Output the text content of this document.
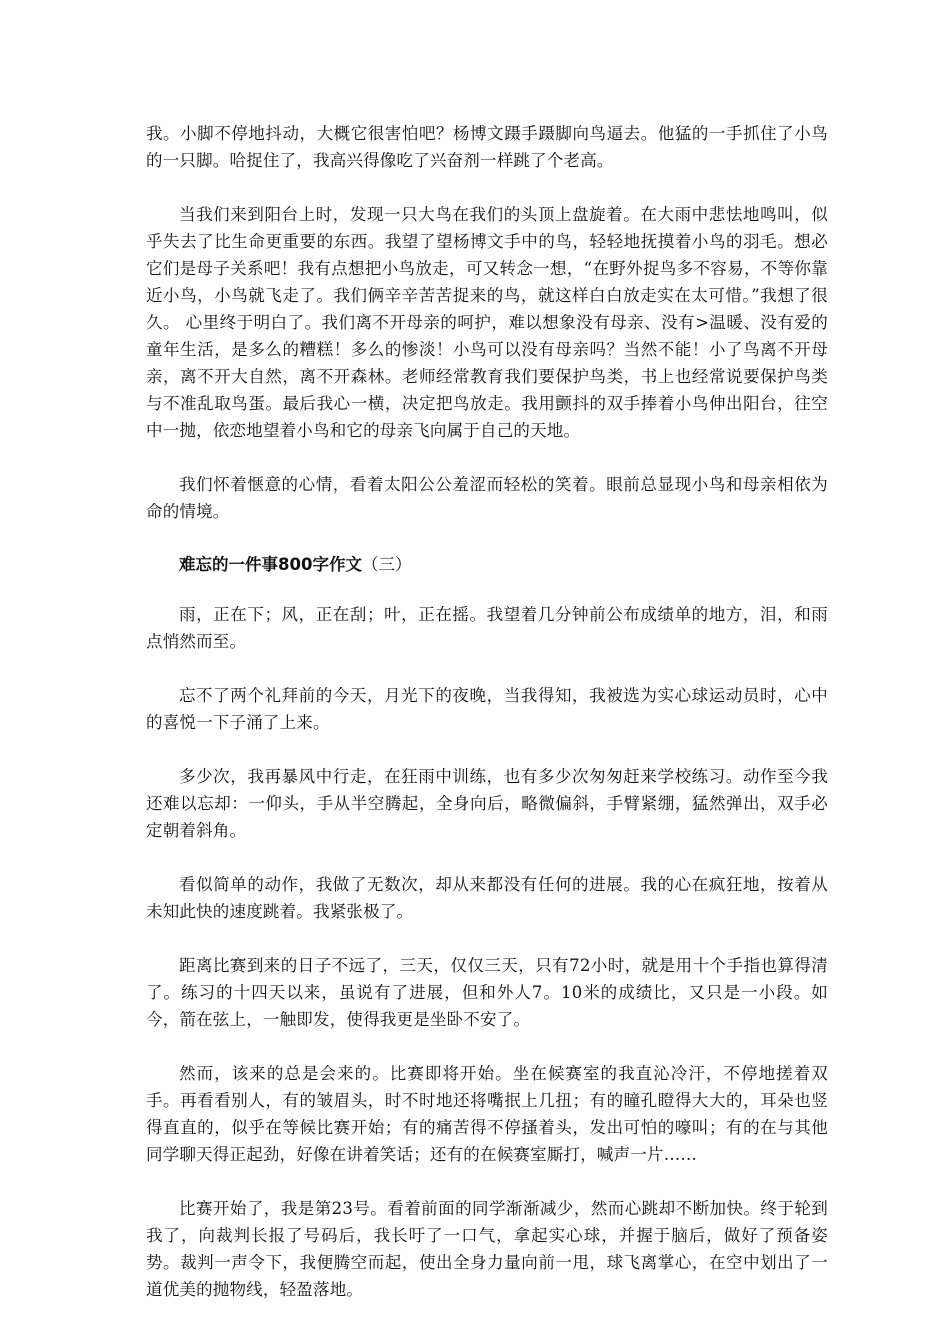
我。小脚不停地抖动，大概它很害怕吧？杨博文蹑手蹑脚向鸟逼去。他猛的一手抓住了小鸟的一只脚。哈捉住了，我高兴得像吃了兴奋剂一样跳了个老高。

当我们来到阳台上时，发现一只大鸟在我们的头顶上盘旋着。在大雨中悲怯地鸣叫，似乎失去了比生命更重要的东西。我望了望杨博文手中的鸟，轻轻地抚摸着小鸟的羽毛。想必它们是母子关系吧！我有点想把小鸟放走，可又转念一想，“在野外捉鸟多不容易，不等你靠近小鸟，小鸟就飞走了。我们俩辛辛苦苦捉来的鸟，就这样白白放走实在太可惜。”我想了很久。 心里终于明白了。我们离不开母亲的呵护，难以想象没有母亲、没有>温暖、没有爱的童年生活，是多么的糟糕！多么的惨淡！小鸟可以没有母亲吗？当然不能！小了鸟离不开母亲，离不开大自然，离不开森林。老师经常教育我们要保护鸟类，书上也经常说要保护鸟类与不准乱取鸟蛋。最后我心一横，决定把鸟放走。我用颤抖的双手捧着小鸟伸出阳台，往空中一抛，依恋地望着小鸟和它的母亲飞向属于自己的天地。

我们怀着惬意的心情，看着太阳公公羞涩而轻松的笑着。眼前总显现小鸟和母亲相依为命的情境。

难忘的一件事800字作文（三）

雨，正在下；风，正在刮；叶，正在摇。我望着几分钟前公布成绩单的地方，泪，和雨点悄然而至。

忘不了两个礼拜前的今天，月光下的夜晚，当我得知，我被选为实心球运动员时，心中的喜悦一下子涌了上来。

多少次，我再暴风中行走，在狂雨中训练，也有多少次匆匆赶来学校练习。动作至今我还难以忘却：一仰头，手从半空腾起，全身向后，略微偏斜，手臂紧绷，猛然弹出，双手必定朝着斜角。

看似简单的动作，我做了无数次，却从来都没有任何的进展。我的心在疯狂地，按着从未知此快的速度跳着。我紧张极了。

距离比赛到来的日子不远了，三天，仅仅三天，只有72小时，就是用十个手指也算得清了。练习的十四天以来，虽说有了进展，但和外人7。10米的成绩比，又只是一小段。如今，箭在弦上，一触即发，使得我更是坐卧不安了。

然而，该来的总是会来的。比赛即将开始。坐在候赛室的我直沁冷汗，不停地搓着双手。再看看别人，有的皱眉头，时不时地还将嘴抿上几扭；有的瞳孔瞪得大大的，耳朵也竖得直直的，似乎在等候比赛开始；有的痛苦得不停搔着头，发出可怕的嚎叫；有的在与其他同学聊天得正起劲，好像在讲着笑话；还有的在候赛室厮打，喊声一片……

比赛开始了，我是第23号。看着前面的同学渐渐减少，然而心跳却不断加快。终于轮到我了，向裁判长报了号码后，我长吁了一口气，拿起实心球，并握于脑后，做好了预备姿势。裁判一声令下，我便腾空而起，使出全身力量向前一甩，球飞离掌心，在空中划出了一道优美的抛物线，轻盈落地。
